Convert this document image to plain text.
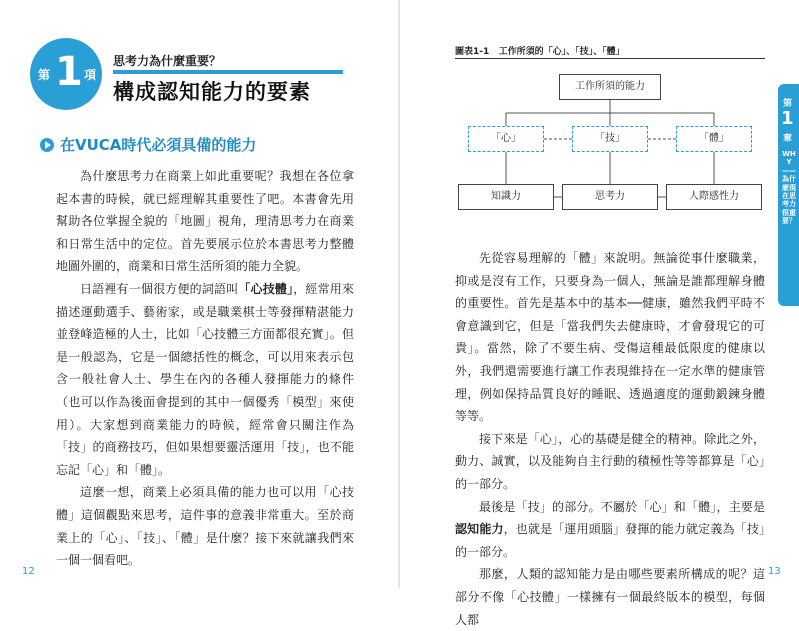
第 1 項
思考力為什麼重要？
構成認知能力的要素
在VUCA時代必須具備的能力

為什麼思考力在商業上如此重要呢？我想在各位拿起本書的時候，就已經理解其重要性了吧。本書會先用幫助各位掌握全貌的「地圖」視角，理清思考力在商業和日常生活中的定位。首先要展示位於本書思考力整體地圖外圍的，商業和日常生活所須的能力全貌。

日語裡有一個很方便的詞語叫「心技體」，經常用來描述運動選手、藝術家，或是職業棋士等發揮精湛能力並登峰造極的人士，比如「心技體三方面都很充實」。但是一般認為，它是一個總括性的概念，可以用來表示包含一般社會人士、學生在內的各種人發揮能力的條件（也可以作為後面會提到的其中一個優秀「模型」來使用）。大家想到商業能力的時候，經常會只關注作為「技」的商務技巧，但如果想要靈活運用「技」，也不能忘記「心」和「體」。

這麼一想，商業上必須具備的能力也可以用「心技體」這個觀點來思考，這件事的意義非常重大。至於商業上的「心」、「技」、「體」是什麼？接下來就讓我們來一個一個看吧。

12
圖表1-1 工作所須的「心」、「技」、「體」
工作所須的能力
「心」	「技」	「體」
知識力	思考力	人際感性力

先從容易理解的「體」來說明。無論從事什麼職業，抑或是沒有工作，只要身為一個人，無論是誰都理解身體的重要性。首先是基本中的基本──健康，雖然我們平時不會意識到它，但是「當我們失去健康時，才會發現它的可貴」。當然，除了不要生病、受傷這種最低限度的健康以外，我們還需要進行讓工作表現維持在一定水準的健康管理，例如保持品質良好的睡眠、透過適度的運動鍛鍊身體等等。

接下來是「心」，心的基礎是健全的精神。除此之外，動力、誠實，以及能夠自主行動的積極性等等都算是「心」的一部分。

最後是「技」的部分。不屬於「心」和「體」，主要是認知能力，也就是「運用頭腦」發揮的能力就定義為「技」的一部分。

那麼，人類的認知能力是由哪些要素所構成的呢？這部分不像「心技體」一樣擁有一個最終版本的模型，每個人都

13
第
1
章
WHY——為什麼現在思考力很重要？
